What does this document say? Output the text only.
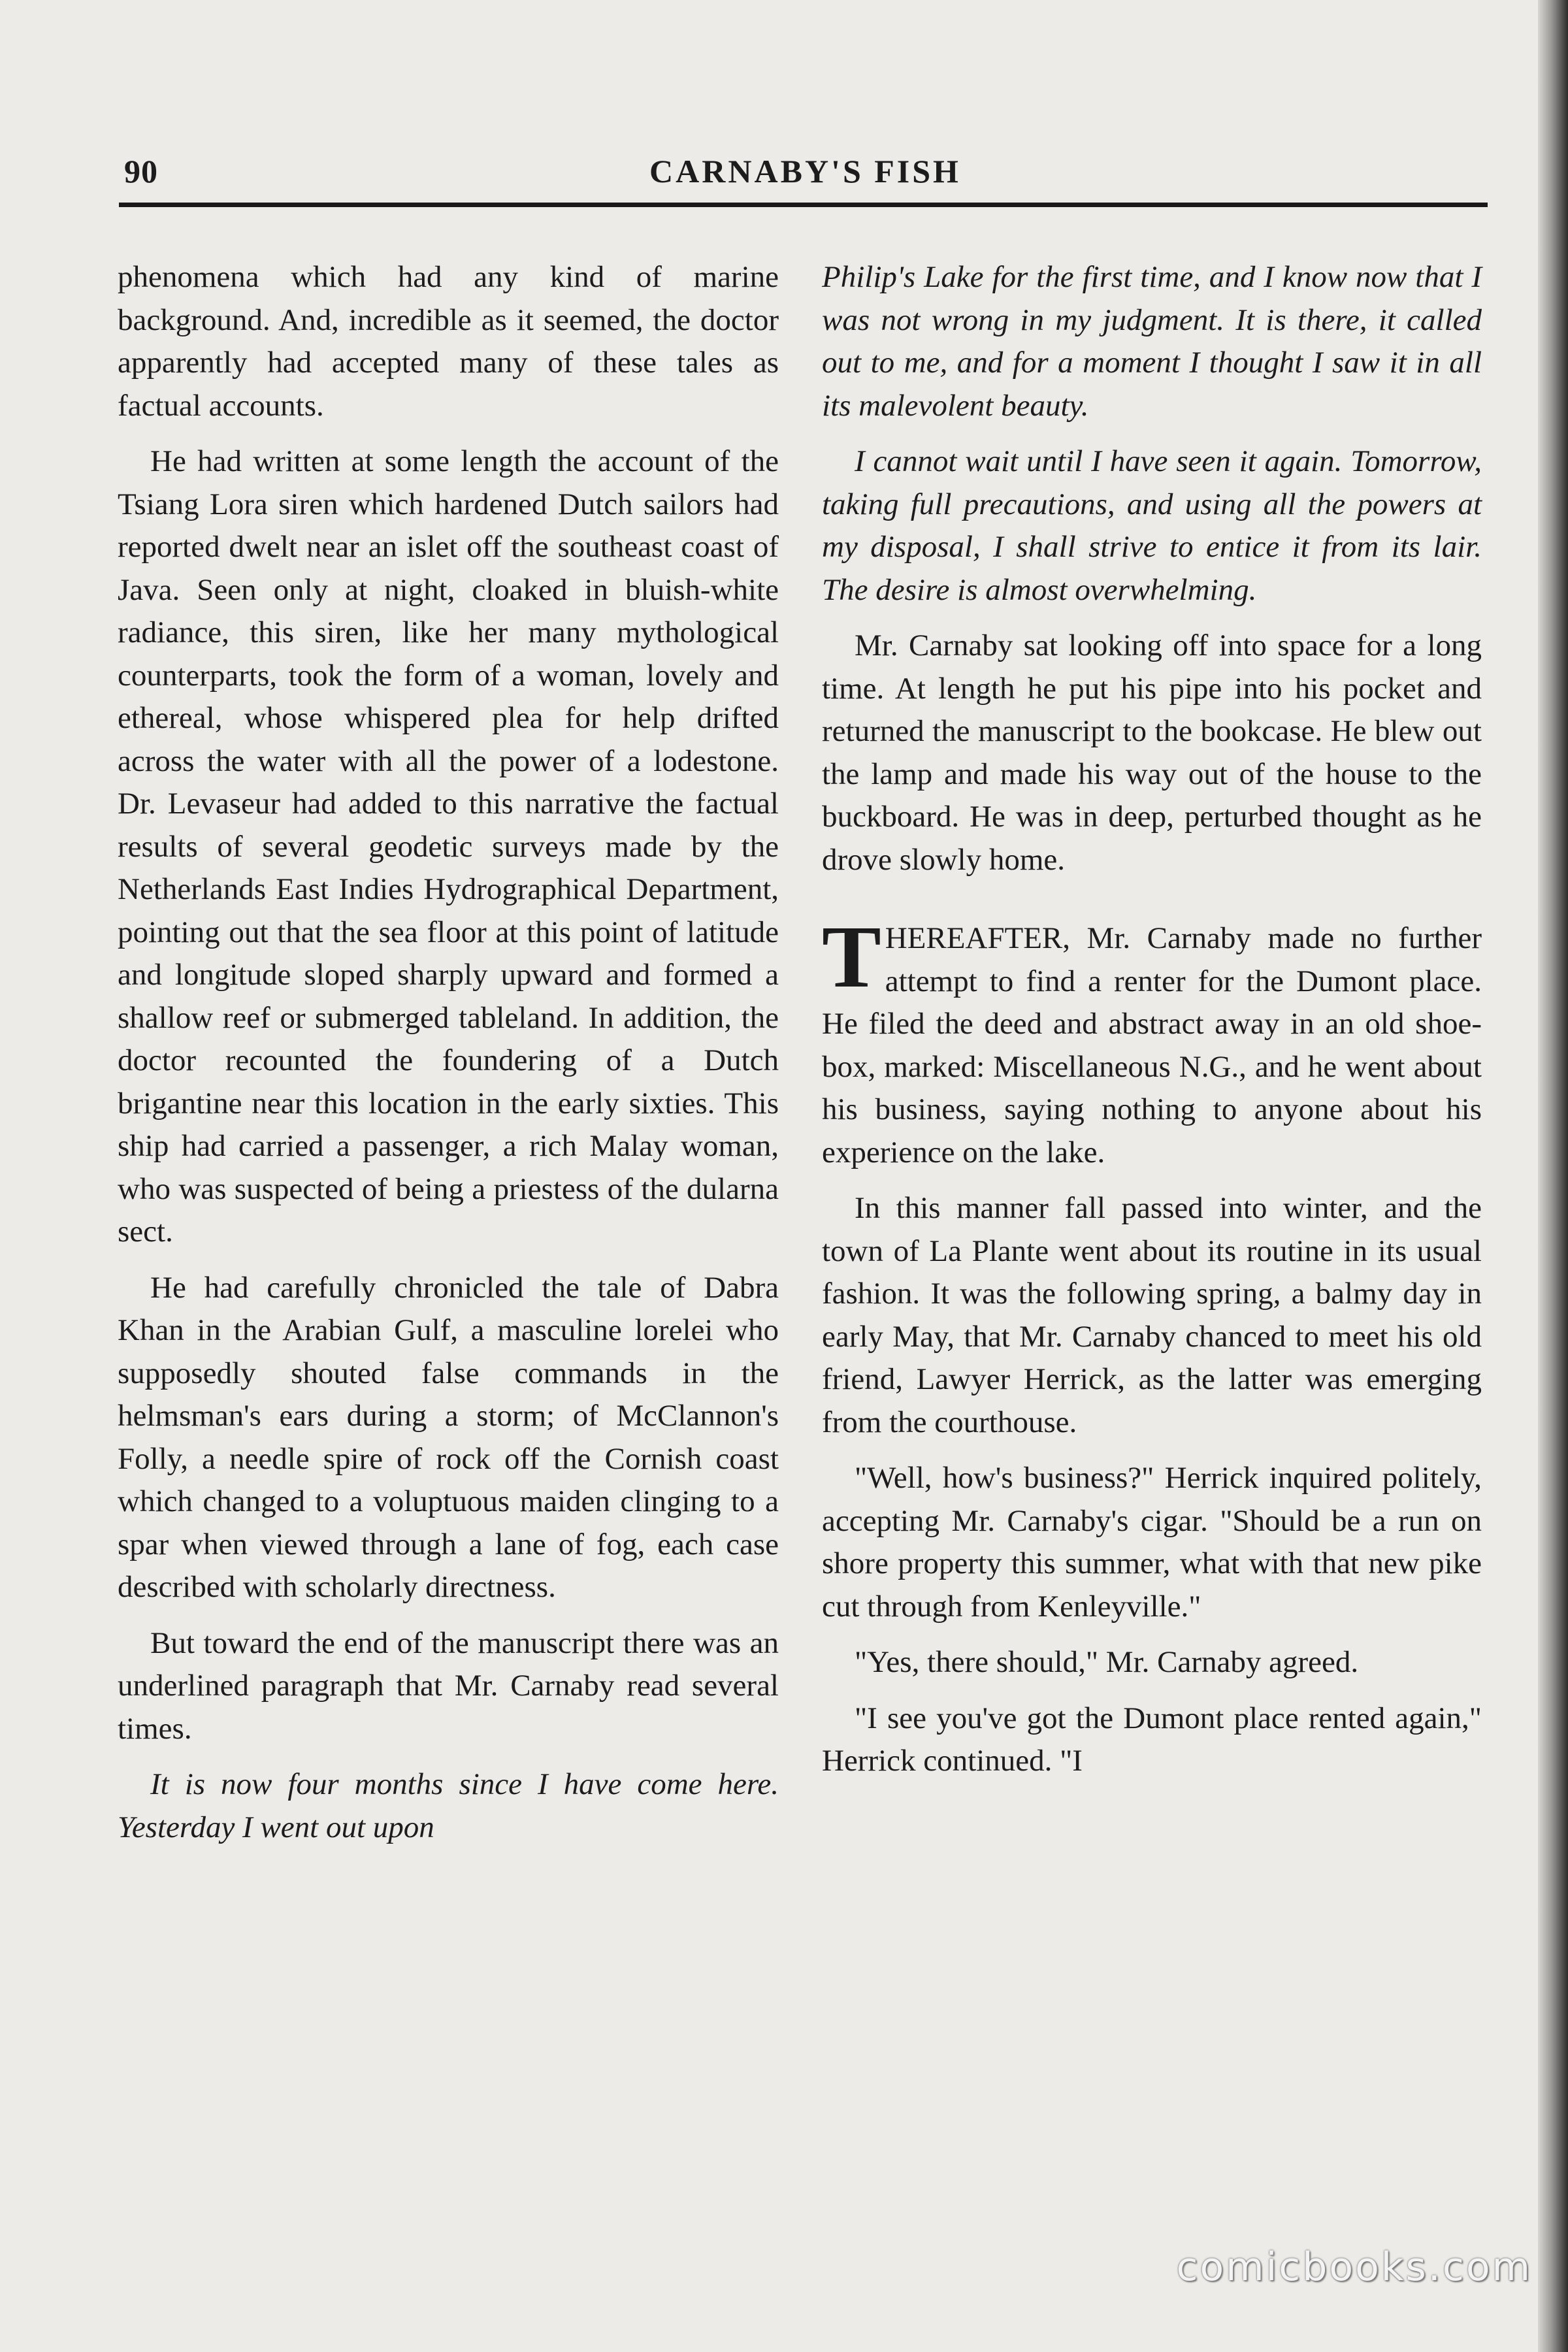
90	CARNABY'S FISH

phenomena which had any kind of marine background. And, incredible as it seemed, the doctor apparently had accepted many of these tales as factual accounts.

He had written at some length the account of the Tsiang Lora siren which hardened Dutch sailors had reported dwelt near an islet off the southeast coast of Java. Seen only at night, cloaked in bluish-white radiance, this siren, like her many mythological counterparts, took the form of a woman, lovely and ethereal, whose whispered plea for help drifted across the water with all the power of a lodestone. Dr. Levaseur had added to this narrative the factual results of several geodetic surveys made by the Netherlands East Indies Hydrographical Department, pointing out that the sea floor at this point of latitude and longitude sloped sharply upward and formed a shallow reef or submerged tableland. In addition, the doctor recounted the foundering of a Dutch brigantine near this location in the early sixties. This ship had carried a passenger, a rich Malay woman, who was suspected of being a priestess of the dularna sect.

He had carefully chronicled the tale of Dabra Khan in the Arabian Gulf, a masculine lorelei who supposedly shouted false commands in the helmsman's ears during a storm; of McClannon's Folly, a needle spire of rock off the Cornish coast which changed to a voluptuous maiden clinging to a spar when viewed through a lane of fog, each case described with scholarly directness.

But toward the end of the manuscript there was an underlined paragraph that Mr. Carnaby read several times.

It is now four months since I have come here. Yesterday I went out upon

Philip's Lake for the first time, and I know now that I was not wrong in my judgment. It is there, it called out to me, and for a moment I thought I saw it in all its malevolent beauty.

I cannot wait until I have seen it again. Tomorrow, taking full precautions, and using all the powers at my disposal, I shall strive to entice it from its lair. The desire is almost overwhelming.

Mr. Carnaby sat looking off into space for a long time. At length he put his pipe into his pocket and returned the manuscript to the bookcase. He blew out the lamp and made his way out of the house to the buckboard. He was in deep, perturbed thought as he drove slowly home.

THEREAFTER, Mr. Carnaby made no further attempt to find a renter for the Dumont place. He filed the deed and abstract away in an old shoe-box, marked: Miscellaneous N.G., and he went about his business, saying nothing to anyone about his experience on the lake.

In this manner fall passed into winter, and the town of La Plante went about its routine in its usual fashion. It was the following spring, a balmy day in early May, that Mr. Carnaby chanced to meet his old friend, Lawyer Herrick, as the latter was emerging from the courthouse.

"Well, how's business?" Herrick inquired politely, accepting Mr. Carnaby's cigar. "Should be a run on shore property this summer, what with that new pike cut through from Kenleyville."

"Yes, there should," Mr. Carnaby agreed.

"I see you've got the Dumont place rented again," Herrick continued. "I

comicbooks.com
